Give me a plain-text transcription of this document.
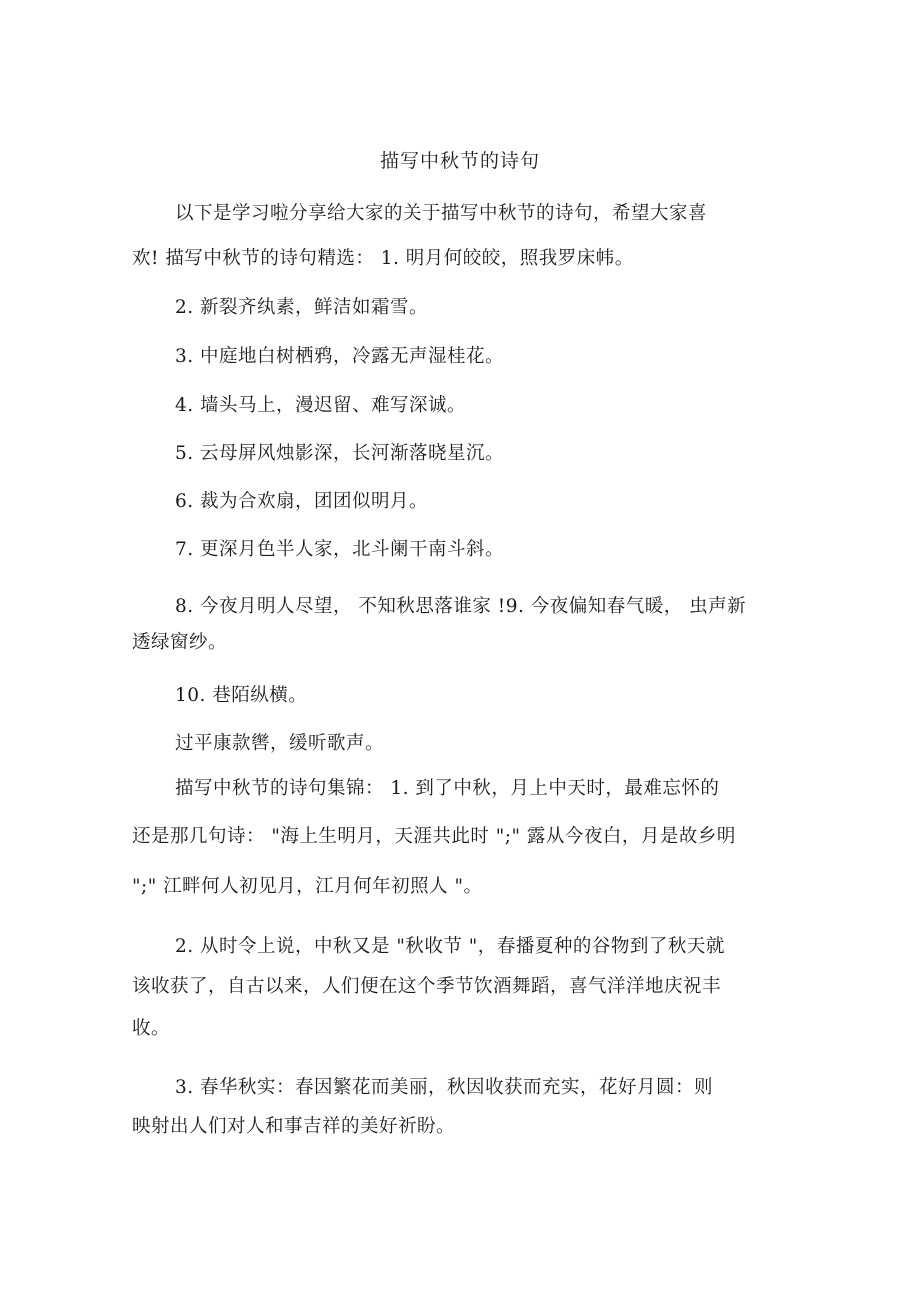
描写中秋节的诗句
以下是学习啦分享给大家的关于描写中秋节的诗句，希望大家喜
欢! 描写中秋节的诗句精选： 1. 明月何皎皎，照我罗床帏。
2. 新裂齐纨素，鲜洁如霜雪。
3. 中庭地白树栖鸦，冷露无声湿桂花。
4. 墙头马上，漫迟留、难写深诚。
5. 云母屏风烛影深，长河渐落晓星沉。
6. 裁为合欢扇，团团似明月。
7. 更深月色半人家，北斗阑干南斗斜。
8. 今夜月明人尽望， 不知秋思落谁家 !9. 今夜偏知春气暖， 虫声新
透绿窗纱。
10. 巷陌纵横。
过平康款辔，缓听歌声。
描写中秋节的诗句集锦： 1. 到了中秋，月上中天时，最难忘怀的
还是那几句诗： "海上生明月，天涯共此时 ";" 露从今夜白，月是故乡明
";" 江畔何人初见月，江月何年初照人 "。
2. 从时令上说，中秋又是 "秋收节 "，春播夏种的谷物到了秋天就
该收获了，自古以来，人们便在这个季节饮酒舞蹈，喜气洋洋地庆祝丰
收。
3. 春华秋实：春因繁花而美丽，秋因收获而充实，花好月圆：则
映射出人们对人和事吉祥的美好祈盼。
